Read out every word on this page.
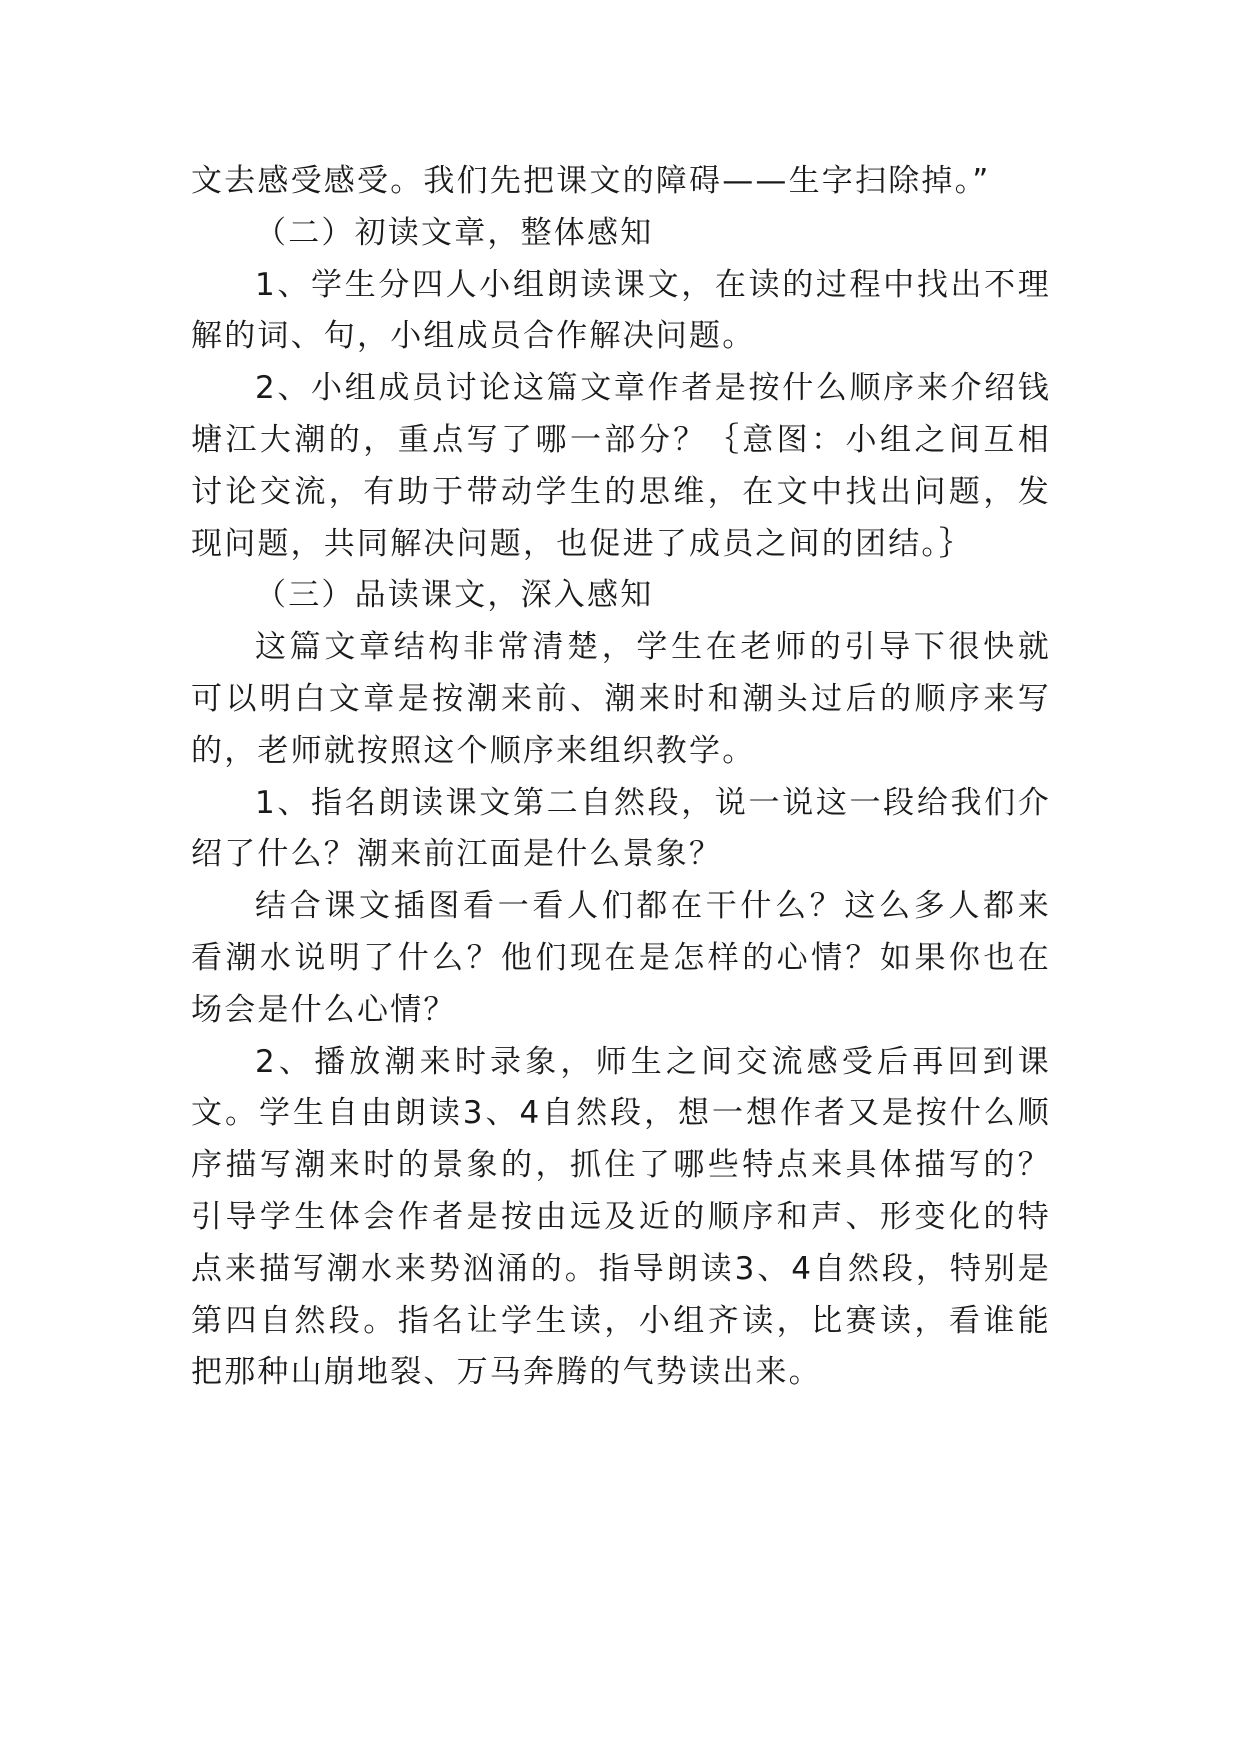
文去感受感受。我们先把课文的障碍——生字扫除掉。”

（二）初读文章，整体感知

1、学生分四人小组朗读课文，在读的过程中找出不理解的词、句，小组成员合作解决问题。

2、小组成员讨论这篇文章作者是按什么顺序来介绍钱塘江大潮的，重点写了哪一部分？｛意图：小组之间互相讨论交流，有助于带动学生的思维，在文中找出问题，发现问题，共同解决问题，也促进了成员之间的团结。｝

（三）品读课文，深入感知

这篇文章结构非常清楚，学生在老师的引导下很快就可以明白文章是按潮来前、潮来时和潮头过后的顺序来写的，老师就按照这个顺序来组织教学。

1、指名朗读课文第二自然段，说一说这一段给我们介绍了什么？潮来前江面是什么景象？

结合课文插图看一看人们都在干什么？这么多人都来看潮水说明了什么？他们现在是怎样的心情？如果你也在场会是什么心情？

2、播放潮来时录象，师生之间交流感受后再回到课文。学生自由朗读3、4自然段，想一想作者又是按什么顺序描写潮来时的景象的，抓住了哪些特点来具体描写的？引导学生体会作者是按由远及近的顺序和声、形变化的特点来描写潮水来势汹涌的。指导朗读3、4自然段，特别是第四自然段。指名让学生读，小组齐读，比赛读，看谁能把那种山崩地裂、万马奔腾的气势读出来。
